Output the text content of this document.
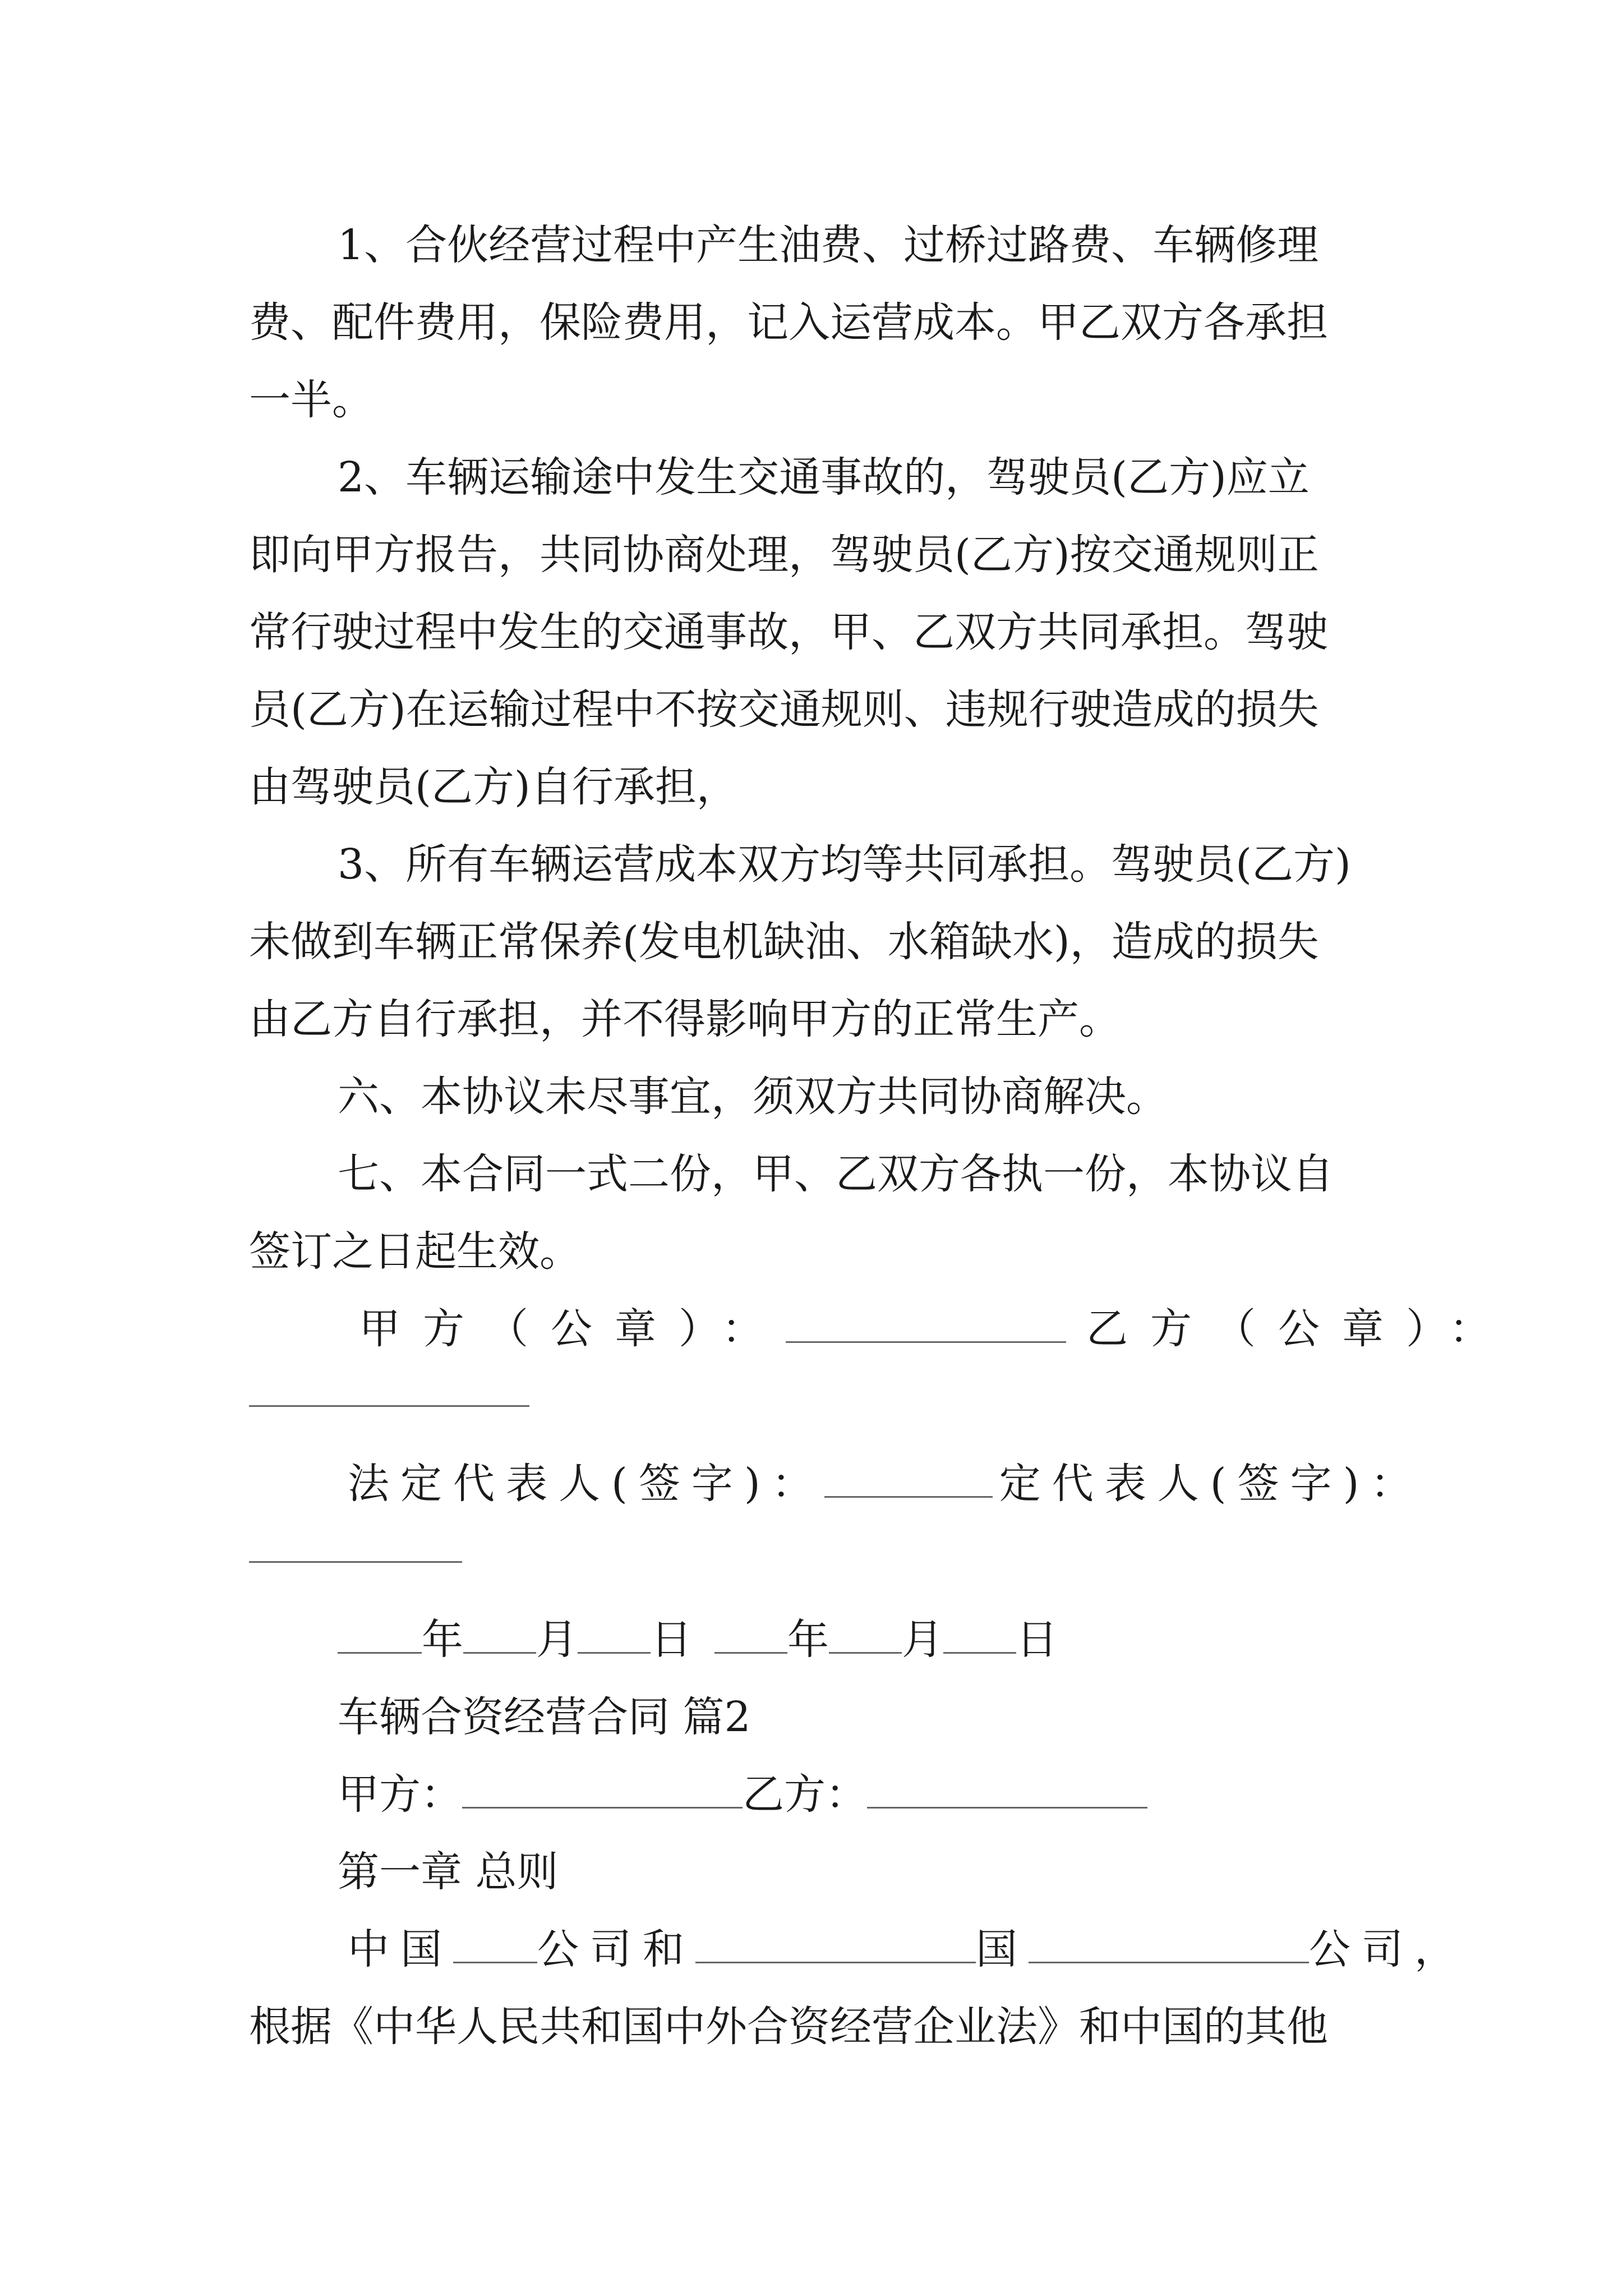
1、合伙经营过程中产生油费、过桥过路费、车辆修理
费、配件费用，保险费用，记入运营成本。甲乙双方各承担
一半。
2、车辆运输途中发生交通事故的，驾驶员(乙方)应立
即向甲方报告，共同协商处理，驾驶员(乙方)按交通规则正
常行驶过程中发生的交通事故，甲、乙双方共同承担。驾驶
员(乙方)在运输过程中不按交通规则、违规行驶造成的损失
由驾驶员(乙方)自行承担，
3、所有车辆运营成本双方均等共同承担。驾驶员(乙方)
未做到车辆正常保养(发电机缺油、水箱缺水)，造成的损失
由乙方自行承担，并不得影响甲方的正常生产。
六、本协议未尽事宜，须双方共同协商解决。
七、本合同一式二份，甲、乙双方各执一份，本协议自
签订之日起生效。
甲方（公章）：	乙方（公章）：
法定代表人(签字)：	定代表人(签字)：
年 月 日 年 月 日
车辆合资经营合同 篇2
甲方：	乙方：
第一章 总则
中国 公司和	国	公司，
根据《中华人民共和国中外合资经营企业法》和中国的其他
